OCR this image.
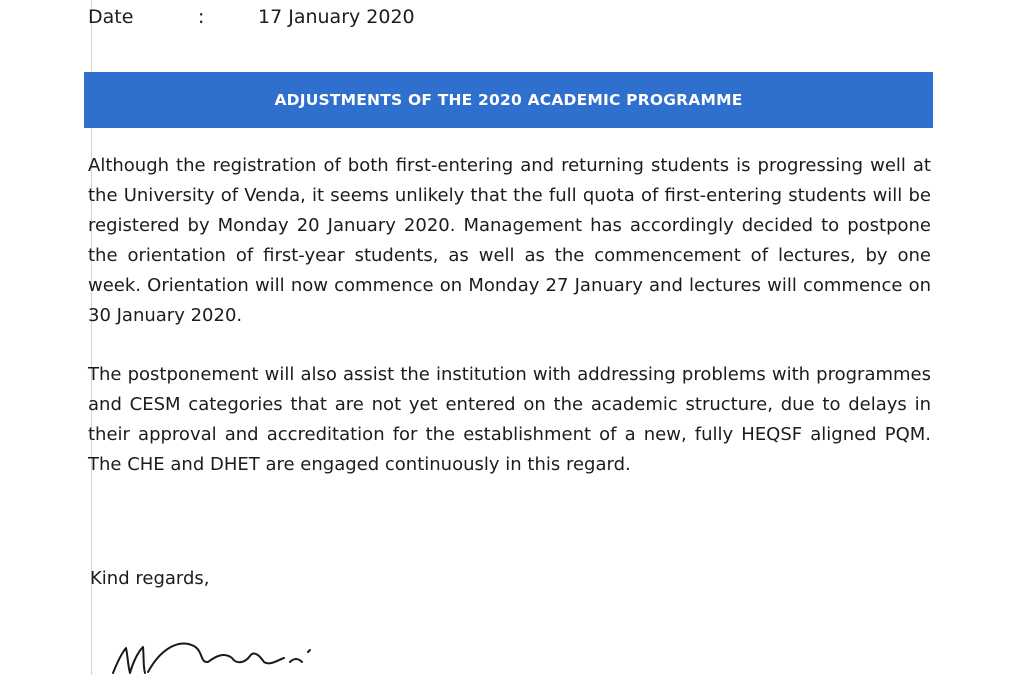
Date	:	17 January 2020
ADJUSTMENTS OF THE 2020 ACADEMIC PROGRAMME

Although the registration of both first-entering and returning students is progressing well at the University of Venda, it seems unlikely that the full quota of first-entering students will be registered by Monday 20 January 2020. Management has accordingly decided to postpone the orientation of first-year students, as well as the commencement of lectures, by one week. Orientation will now commence on Monday 27 January and lectures will commence on 30 January 2020.

The postponement will also assist the institution with addressing problems with programmes and CESM categories that are not yet entered on the academic structure, due to delays in their approval and accreditation for the establishment of a new, fully HEQSF aligned PQM. The CHE and DHET are engaged continuously in this regard.

Kind regards,
